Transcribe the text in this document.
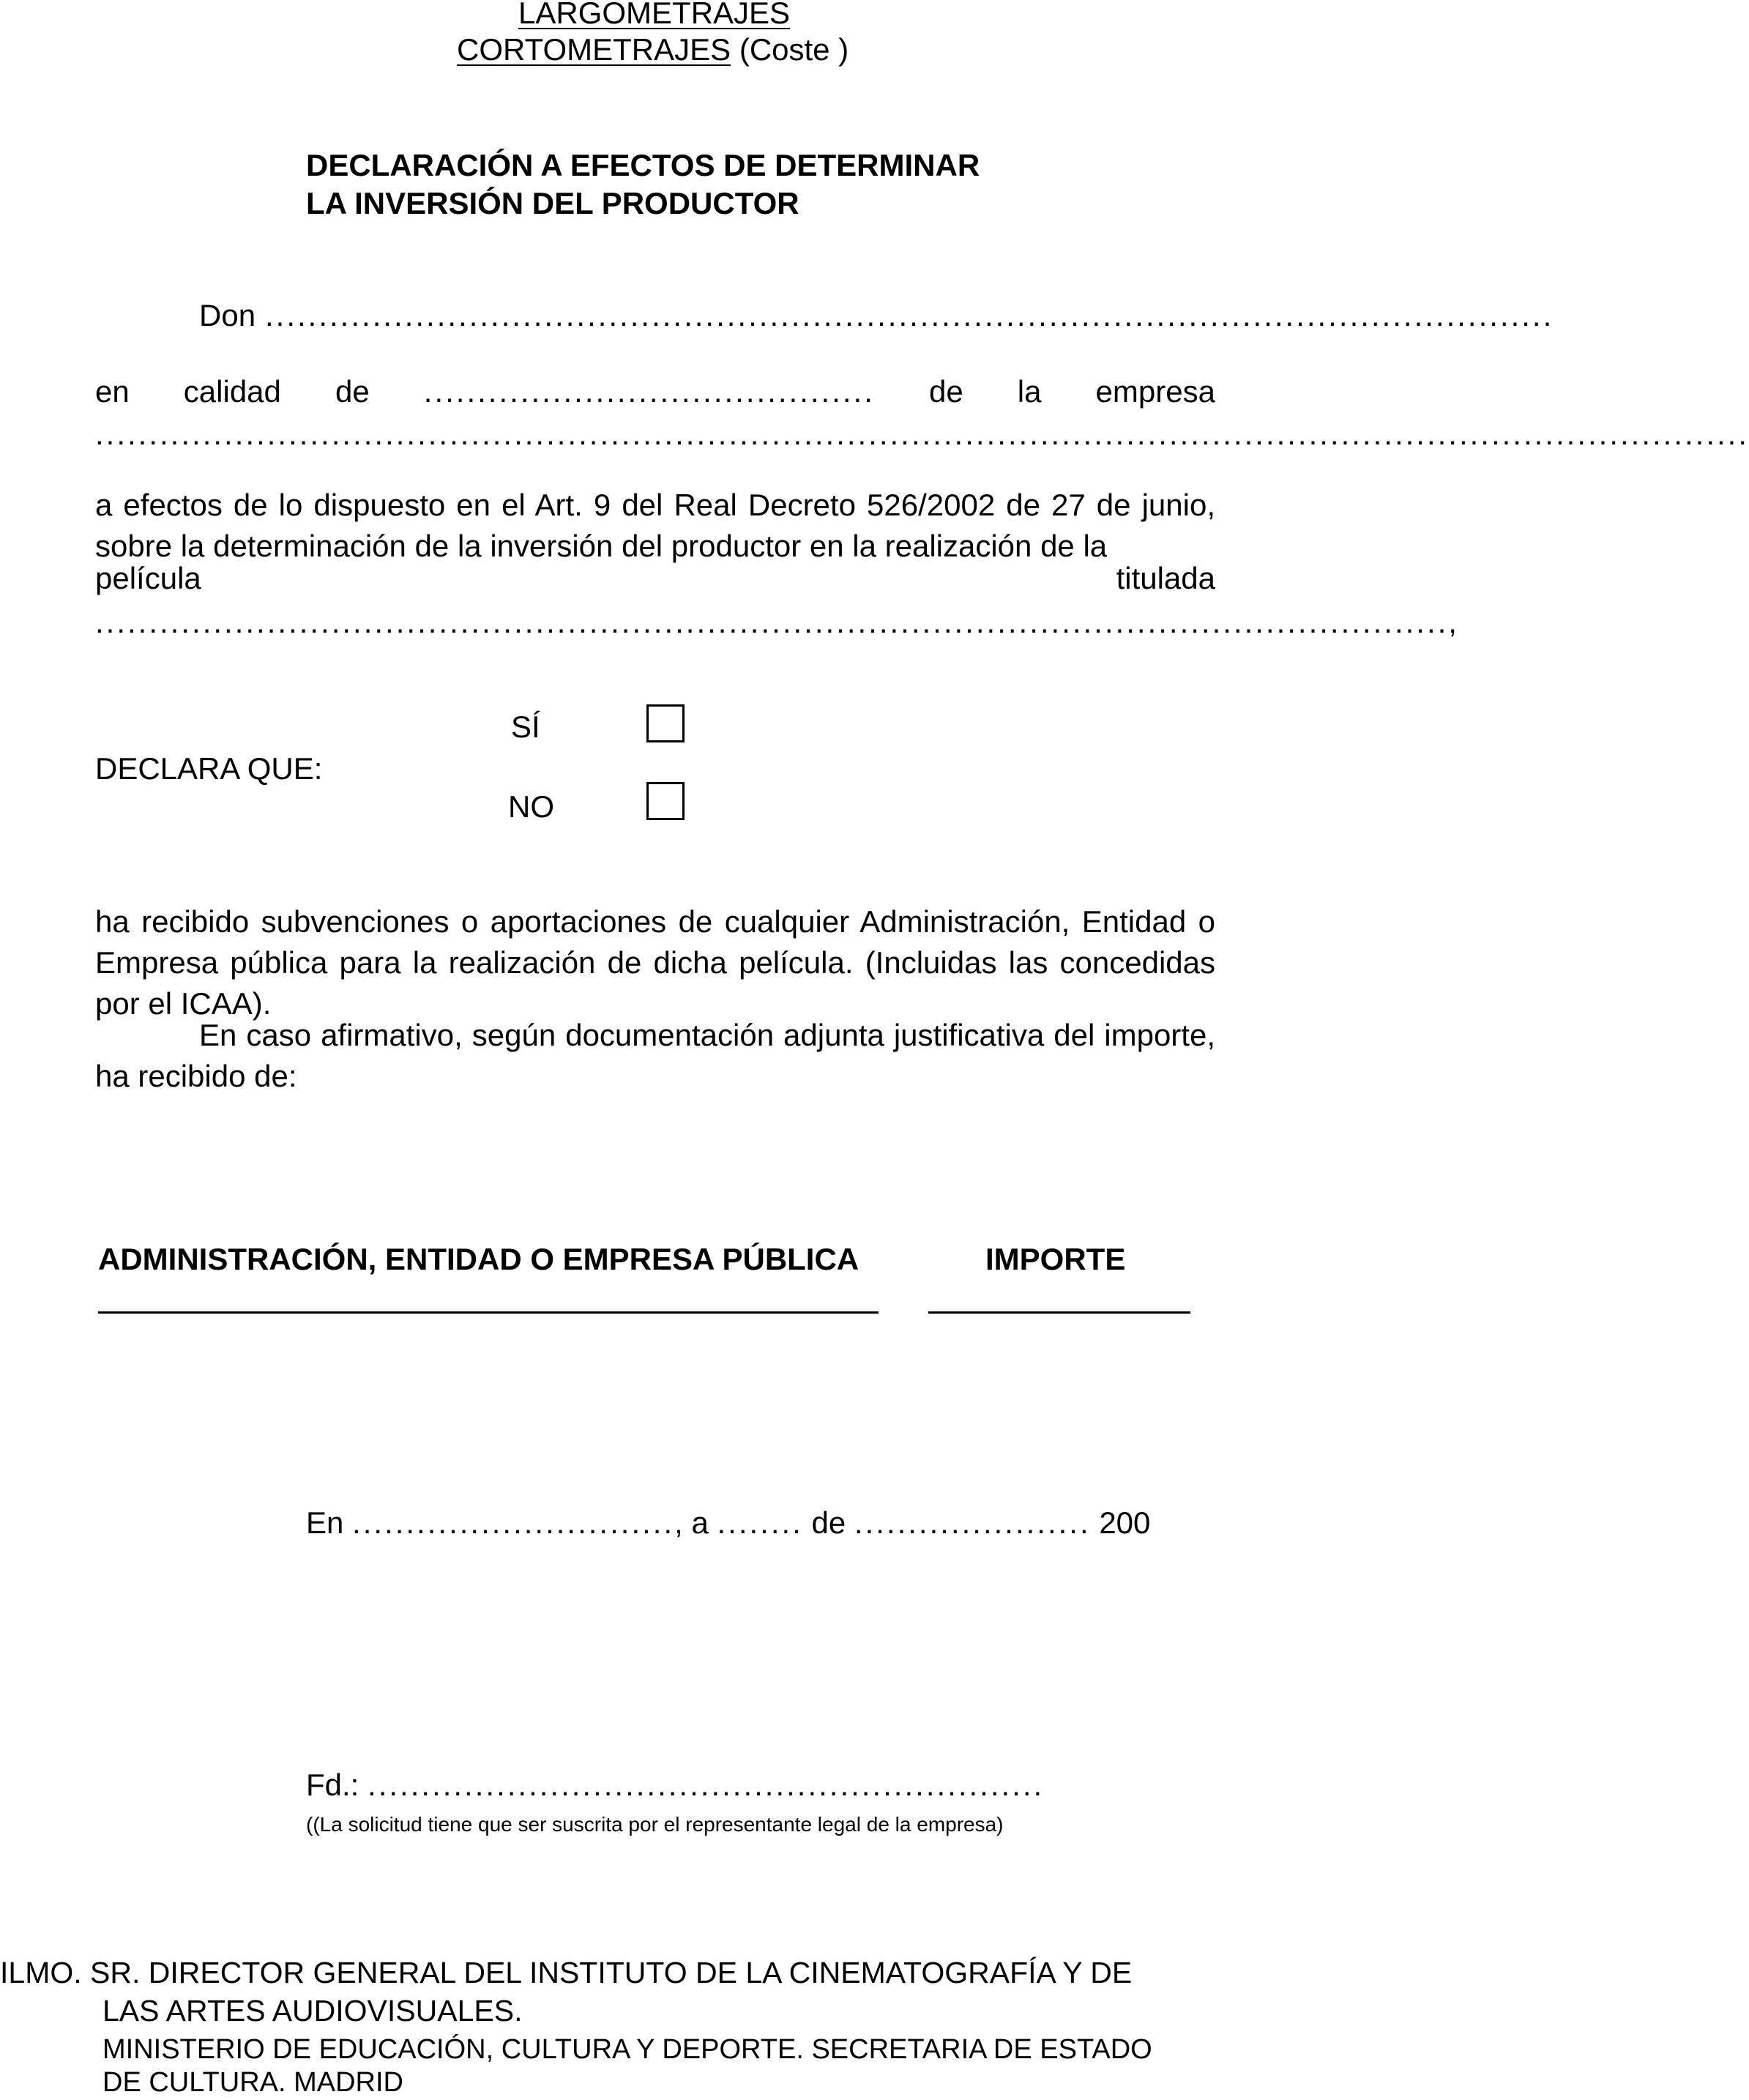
LARGOMETRAJES
CORTOMETRAJES (Coste )
DECLARACIÓN A EFECTOS DE DETERMINAR
LA INVERSIÓN DEL PRODUCTOR
Don ........................................................................................................................
en calidad de .......................................... de la empresa
..........................................................................................................................................................
a efectos de lo dispuesto en el Art. 9 del Real Decreto 526/2002 de 27 de junio, sobre la determinación de la inversión del productor en la realización de la
película	titulada
..............................................................................................................................,
DECLARA QUE:
SÍ
NO
ha recibido subvenciones o aportaciones de cualquier Administración, Entidad o Empresa pública para la realización de dicha película. (Incluidas las concedidas por el ICAA).
En caso afirmativo, según documentación adjunta justificativa del importe, ha recibido de:
ADMINISTRACIÓN, ENTIDAD O EMPRESA PÚBLICA	IMPORTE
En .............................., a ........ de ...................... 200
Fd.: ...............................................................
((La solicitud tiene que ser suscrita por el representante legal de la empresa)
ILMO. SR. DIRECTOR GENERAL DEL INSTITUTO DE LA CINEMATOGRAFÍA Y DE
LAS ARTES AUDIOVISUALES.
MINISTERIO DE EDUCACIÓN, CULTURA Y DEPORTE. SECRETARIA DE ESTADO
DE CULTURA. MADRID
